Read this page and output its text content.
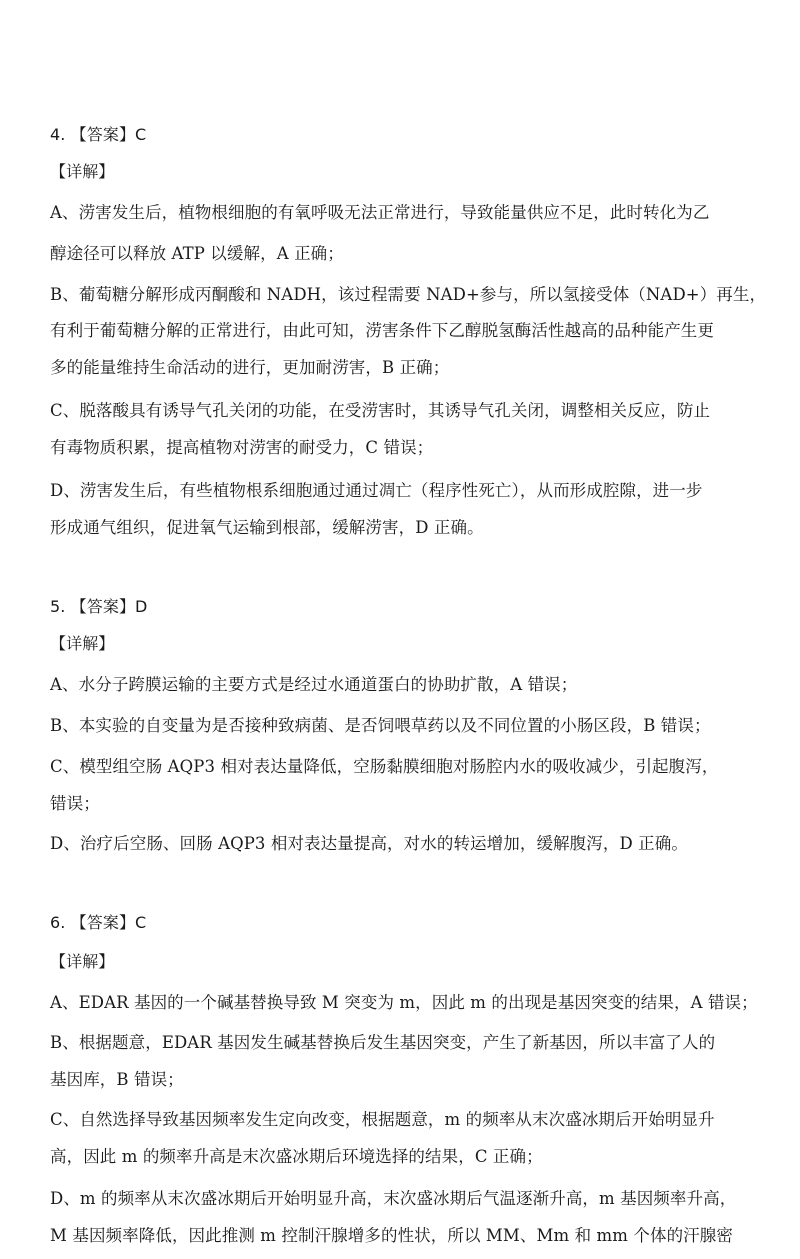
4. 【答案】C
【详解】
A、涝害发生后，植物根细胞的有氧呼吸无法正常进行，导致能量供应不足，此时转化为乙
醇途径可以释放 ATP 以缓解，A 正确；
B、葡萄糖分解形成丙酮酸和 NADH，该过程需要 NAD+参与，所以氢接受体（NAD+）再生，
有利于葡萄糖分解的正常进行，由此可知，涝害条件下乙醇脱氢酶活性越高的品种能产生更
多的能量维持生命活动的进行，更加耐涝害，B 正确；
C、脱落酸具有诱导气孔关闭的功能，在受涝害时，其诱导气孔关闭，调整相关反应，防止
有毒物质积累，提高植物对涝害的耐受力，C 错误；
D、涝害发生后，有些植物根系细胞通过通过凋亡（程序性死亡），从而形成腔隙，进一步
形成通气组织，促进氧气运输到根部，缓解涝害，D 正确。
5. 【答案】D
【详解】
A、水分子跨膜运输的主要方式是经过水通道蛋白的协助扩散，A 错误；
B、本实验的自变量为是否接种致病菌、是否饲喂草药以及不同位置的小肠区段，B 错误；
C、模型组空肠 AQP3 相对表达量降低，空肠黏膜细胞对肠腔内水的吸收减少，引起腹泻，
错误；
D、治疗后空肠、回肠 AQP3 相对表达量提高，对水的转运增加，缓解腹泻，D 正确。
6. 【答案】C
【详解】
A、EDAR 基因的一个碱基替换导致 M 突变为 m，因此 m 的出现是基因突变的结果，A 错误；
B、根据题意，EDAR 基因发生碱基替换后发生基因突变，产生了新基因，所以丰富了人的
基因库，B 错误；
C、自然选择导致基因频率发生定向改变，根据题意，m 的频率从末次盛冰期后开始明显升
高，因此 m 的频率升高是末次盛冰期后环境选择的结果，C 正确；
D、m 的频率从末次盛冰期后开始明显升高，末次盛冰期后气温逐渐升高，m 基因频率升高，
M 基因频率降低，因此推测 m 控制汗腺增多的性状，所以 MM、Mm 和 mm 个体的汗腺密
